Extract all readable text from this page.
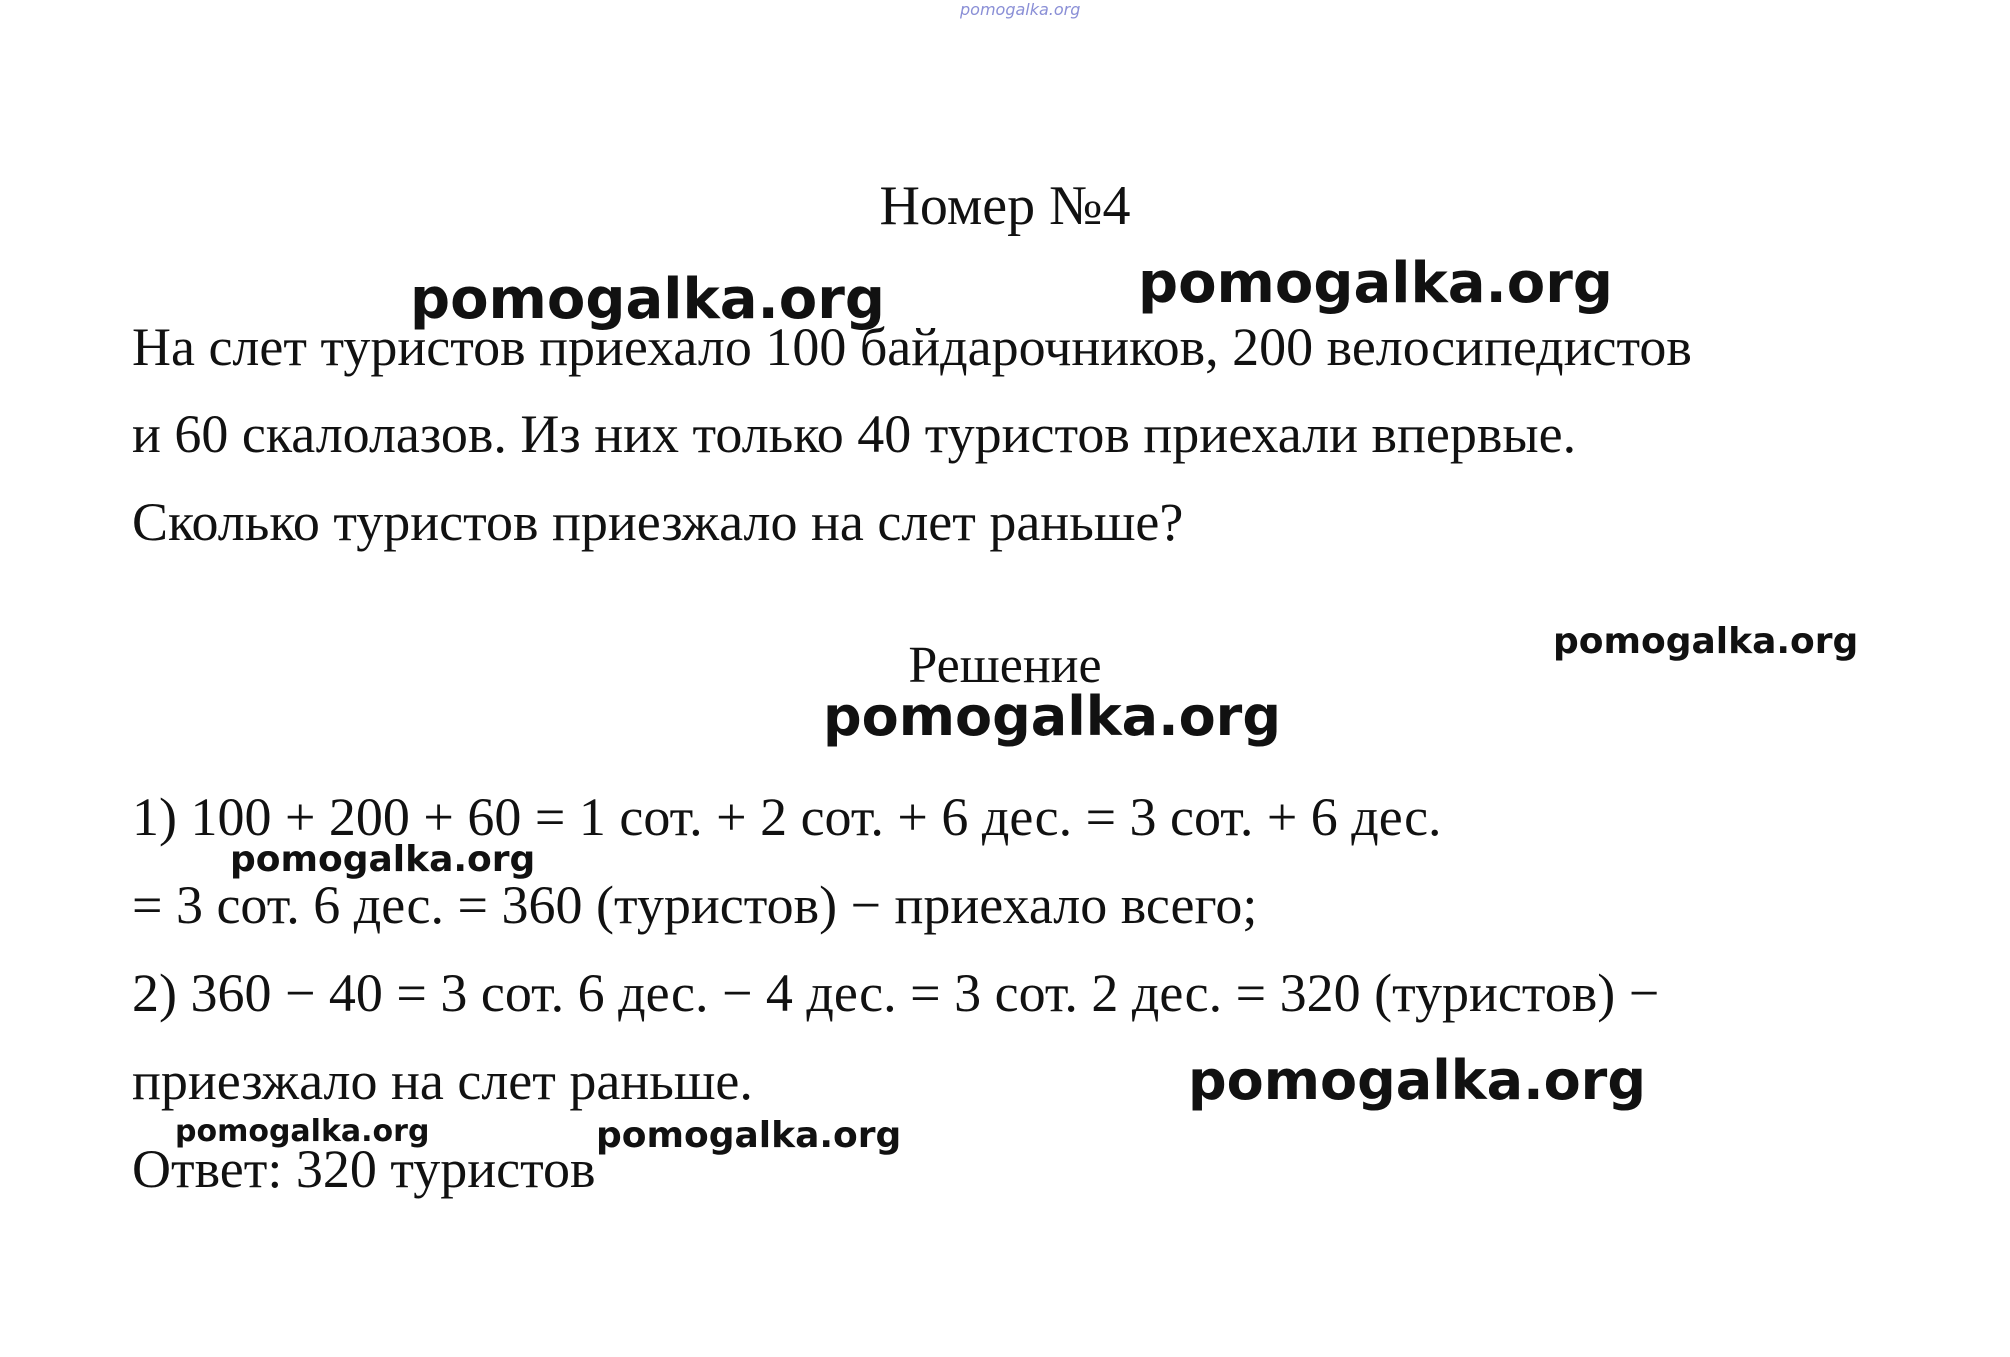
pomogalka.org
Номер №4
На слет туристов приехало 100 байдарочников, 200 велосипедистов
и 60 скалолазов. Из них только 40 туристов приехали впервые.
Сколько туристов приезжало на слет раньше?
Решение
1) 100 + 200 + 60 = 1 сот. + 2 сот. + 6 дес. = 3 сот. + 6 дес.
= 3 сот. 6 дес. = 360 (туристов) − приехало всего;
2) 360 − 40 = 3 сот. 6 дес. − 4 дес. = 3 сот. 2 дес. = 320 (туристов) −
приезжало на слет раньше.
Ответ: 320 туристов
pomogalka.org	pomogalka.org
pomogalka.org
pomogalka.org
pomogalka.org
pomogalka.org
pomogalka.org	pomogalka.org
